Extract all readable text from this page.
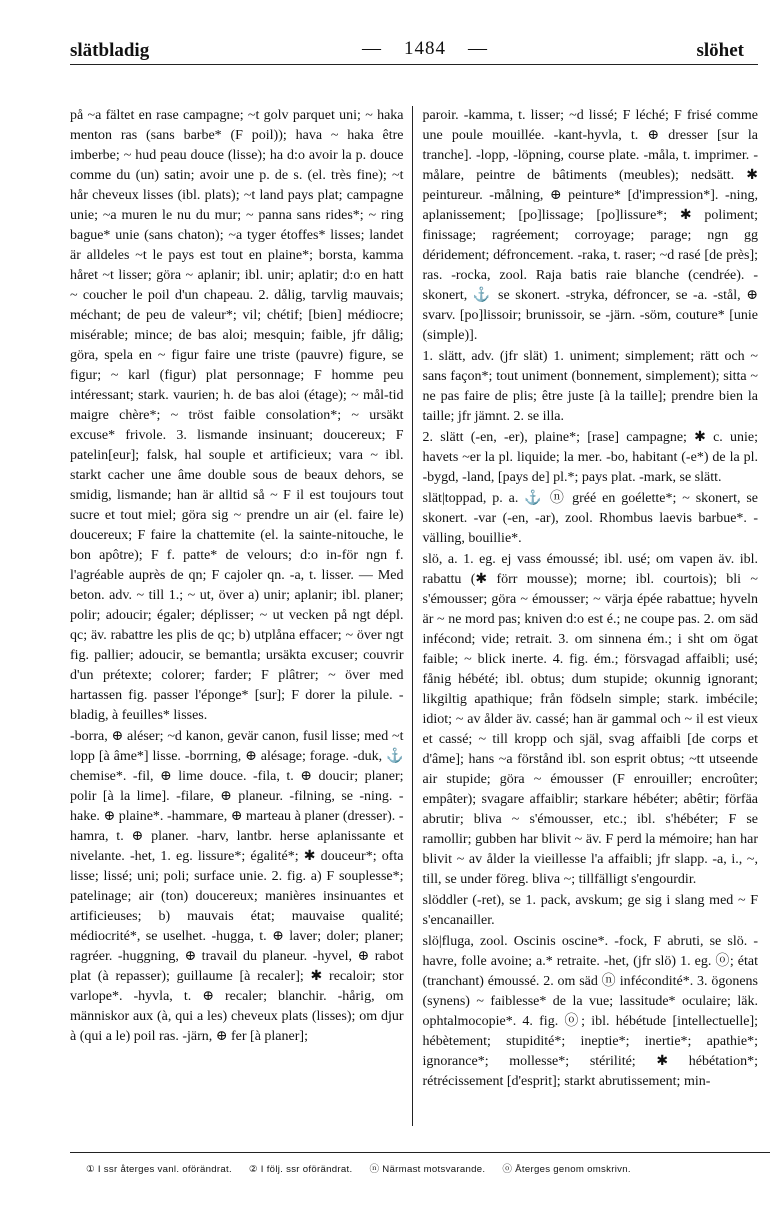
slätbladig	— 1484 —	slöhet

på ~a fältet en rase campagne; ~t golv parquet uni; ~ haka menton ras (sans barbe* (F poil)); hava ~ haka être imberbe; ~ hud peau douce (lisse); ha d:o avoir la p. douce comme du (un) satin; avoir une p. de s. (el. très fine); ~t hår cheveux lisses (ibl. plats); ~t land pays plat; campagne unie; ~a muren le nu du mur; ~ panna sans rides*; ~ ring bague* unie (sans chaton); ~a tyger étoffes* lisses; landet är alldeles ~t le pays est tout en plaine*; borsta, kamma håret ~t lisser; göra ~ aplanir; ibl. unir; aplatir; d:o en hatt ~ coucher le poil d'un chapeau. 2. dålig, tarvlig mauvais; méchant; de peu de valeur*; vil; chétif; [bien] médiocre; misérable; mince; de bas aloi; mesquin; faible, jfr dålig; göra, spela en ~ figur faire une triste (pauvre) figure, se figur; ~ karl (figur) plat personnage; F homme peu intéressant; stark. vaurien; h. de bas aloi (étage); ~ mål-tid maigre chère*; ~ tröst faible consolation*; ~ ursäkt excuse* frivole. 3. lismande insinuant; doucereux; F patelin[eur]; falsk, hal souple et artificieux; vara ~ ibl. starkt cacher une âme double sous de beaux dehors, se smidig, lismande; han är alltid så ~ F il est toujours tout sucre et tout miel; göra sig ~ prendre un air (el. faire le) doucereux; F faire la chattemite (el. la sainte-nitouche, le bon apôtre); F f. patte* de velours; d:o in-för ngn f. l'agréable auprès de qn; F cajoler qn. -a, t. lisser. — Med beton. adv. ~ till 1.; ~ ut, över a) unir; aplanir; ibl. planer; polir; adoucir; égaler; déplisser; ~ ut vecken på ngt dépl. qc; äv. rabattre les plis de qc; b) utplåna effacer; ~ över ngt fig. pallier; adoucir, se bemantla; ursäkta excuser; couvrir d'un prétexte; colorer; farder; F plâtrer; ~ över med hartassen fig. passer l'éponge* [sur]; F dorer la pilule. -bladig, à feuilles* lisses.

-borra, ⊕ aléser; ~d kanon, gevär canon, fusil lisse; med ~t lopp [à âme*] lisse. -borrning, ⊕ alésage; forage. -duk, ⚓ chemise*. -fil, ⊕ lime douce. -fila, t. ⊕ doucir; planer; polir [à la lime]. -filare, ⊕ planeur. -filning, se -ning. -hake. ⊕ plaine*. -hammare, ⊕ marteau à planer (dresser). -hamra, t. ⊕ planer. -harv, lantbr. herse aplanissante et nivelante. -het, 1. eg. lissure*; égalité*; ✱ douceur*; ofta lisse; lissé; uni; poli; surface unie. 2. fig. a) F souplesse*; patelinage; air (ton) doucereux; manières insinuantes et artificieuses; b) mauvais état; mauvaise qualité; médiocrité*, se uselhet. -hugga, t. ⊕ laver; doler; planer; ragréer. -huggning, ⊕ travail du planeur. -hyvel, ⊕ rabot plat (à repasser); guillaume [à recaler]; ✱ recaloir; stor varlope*. -hyvla, t. ⊕ recaler; blanchir. -hårig, om människor aux (à, qui a les) cheveux plats (lisses); om djur à (qui a le) poil ras. -järn, ⊕ fer [à planer];

paroir. -kamma, t. lisser; ~d lissé; F léché; F frisé comme une poule mouillée. -kant-hyvla, t. ⊕ dresser [sur la tranche]. -lopp, -löpning, course plate. -måla, t. imprimer. -målare, peintre de bâtiments (meubles); nedsätt. ✱ peintureur. -målning, ⊕ peinture* [d'impression*]. -ning, aplanissement; [po]lissage; [po]lissure*; ✱ poliment; finissage; ragréement; corroyage; parage; ngn gg déridement; défroncement. -raka, t. raser; ~d rasé [de près]; ras. -rocka, zool. Raja batis raie blanche (cendrée). -skonert, ⚓ se skonert. -stryka, défroncer, se -a. -stål, ⊕ svarv. [po]lissoir; brunissoir, se -järn. -söm, couture* [unie (simple)].

1. slätt, adv. (jfr slät) 1. uniment; simplement; rätt och ~ sans façon*; tout uniment (bonnement, simplement); sitta ~ ne pas faire de plis; être juste [à la taille]; prendre bien la taille; jfr jämnt. 2. se illa.

2. slätt (-en, -er), plaine*; [rase] campagne; ✱ c. unie; havets ~er la pl. liquide; la mer. -bo, habitant (-e*) de la pl. -bygd, -land, [pays de] pl.*; pays plat. -mark, se slätt.

slät|toppad, p. a. ⚓ ⓝ gréé en goélette*; ~ skonert, se skonert. -var (-en, -ar), zool. Rhombus laevis barbue*. -välling, bouillie*.

slö, a. 1. eg. ej vass émoussé; ibl. usé; om vapen äv. ibl. rabattu (✱ förr mousse); morne; ibl. courtois); bli ~ s'émousser; göra ~ émousser; ~ värja épée rabattue; hyveln är ~ ne mord pas; kniven d:o est é.; ne coupe pas. 2. om säd infécond; vide; retrait. 3. om sinnena ém.; i sht om ögat faible; ~ blick inerte. 4. fig. ém.; försvagad affaibli; usé; fånig hébété; ibl. obtus; dum stupide; okunnig ignorant; likgiltig apathique; från födseln simple; stark. imbécile; idiot; ~ av ålder äv. cassé; han är gammal och ~ il est vieux et cassé; ~ till kropp och själ, svag affaibli [de corps et d'âme]; hans ~a förstånd ibl. son esprit obtus; ~tt utseende air stupide; göra ~ émousser (F enrouiller; encroûter; empâter); svagare affaiblir; starkare hébéter; abêtir; förfäa abrutir; bliva ~ s'émousser, etc.; ibl. s'hébéter; F se ramollir; gubben har blivit ~ äv. F perd la mémoire; han har blivit ~ av ålder la vieillesse l'a affaibli; jfr slapp. -a, i., ~, till, se under föreg. bliva ~; tillfälligt s'engourdir.

slöddler (-ret), se 1. pack, avskum; ge sig i slang med ~ F s'encanailler.

slö|fluga, zool. Oscinis oscine*. -fock, F abruti, se slö. -havre, folle avoine; a.* retraite. -het, (jfr slö) 1. eg. ⓞ; état (tranchant) émoussé. 2. om säd ⓝ infécondité*. 3. ögonens (synens) ~ faiblesse* de la vue; lassitude* oculaire; läk. ophtalmocopie*. 4. fig. ⓞ; ibl. hébétude [intellectuelle]; hébètement; stupidité*; ineptie*; inertie*; apathie*; ignorance*; mollesse*; stérilité; ✱ hébétation*; rétrécissement [d'esprit]; starkt abrutissement; min-

① I ssr återges vanl. oförändrat. ② I följ. ssr oförändrat. ⓝ Närmast motsvarande. ⓞ Återges genom omskrivn.
